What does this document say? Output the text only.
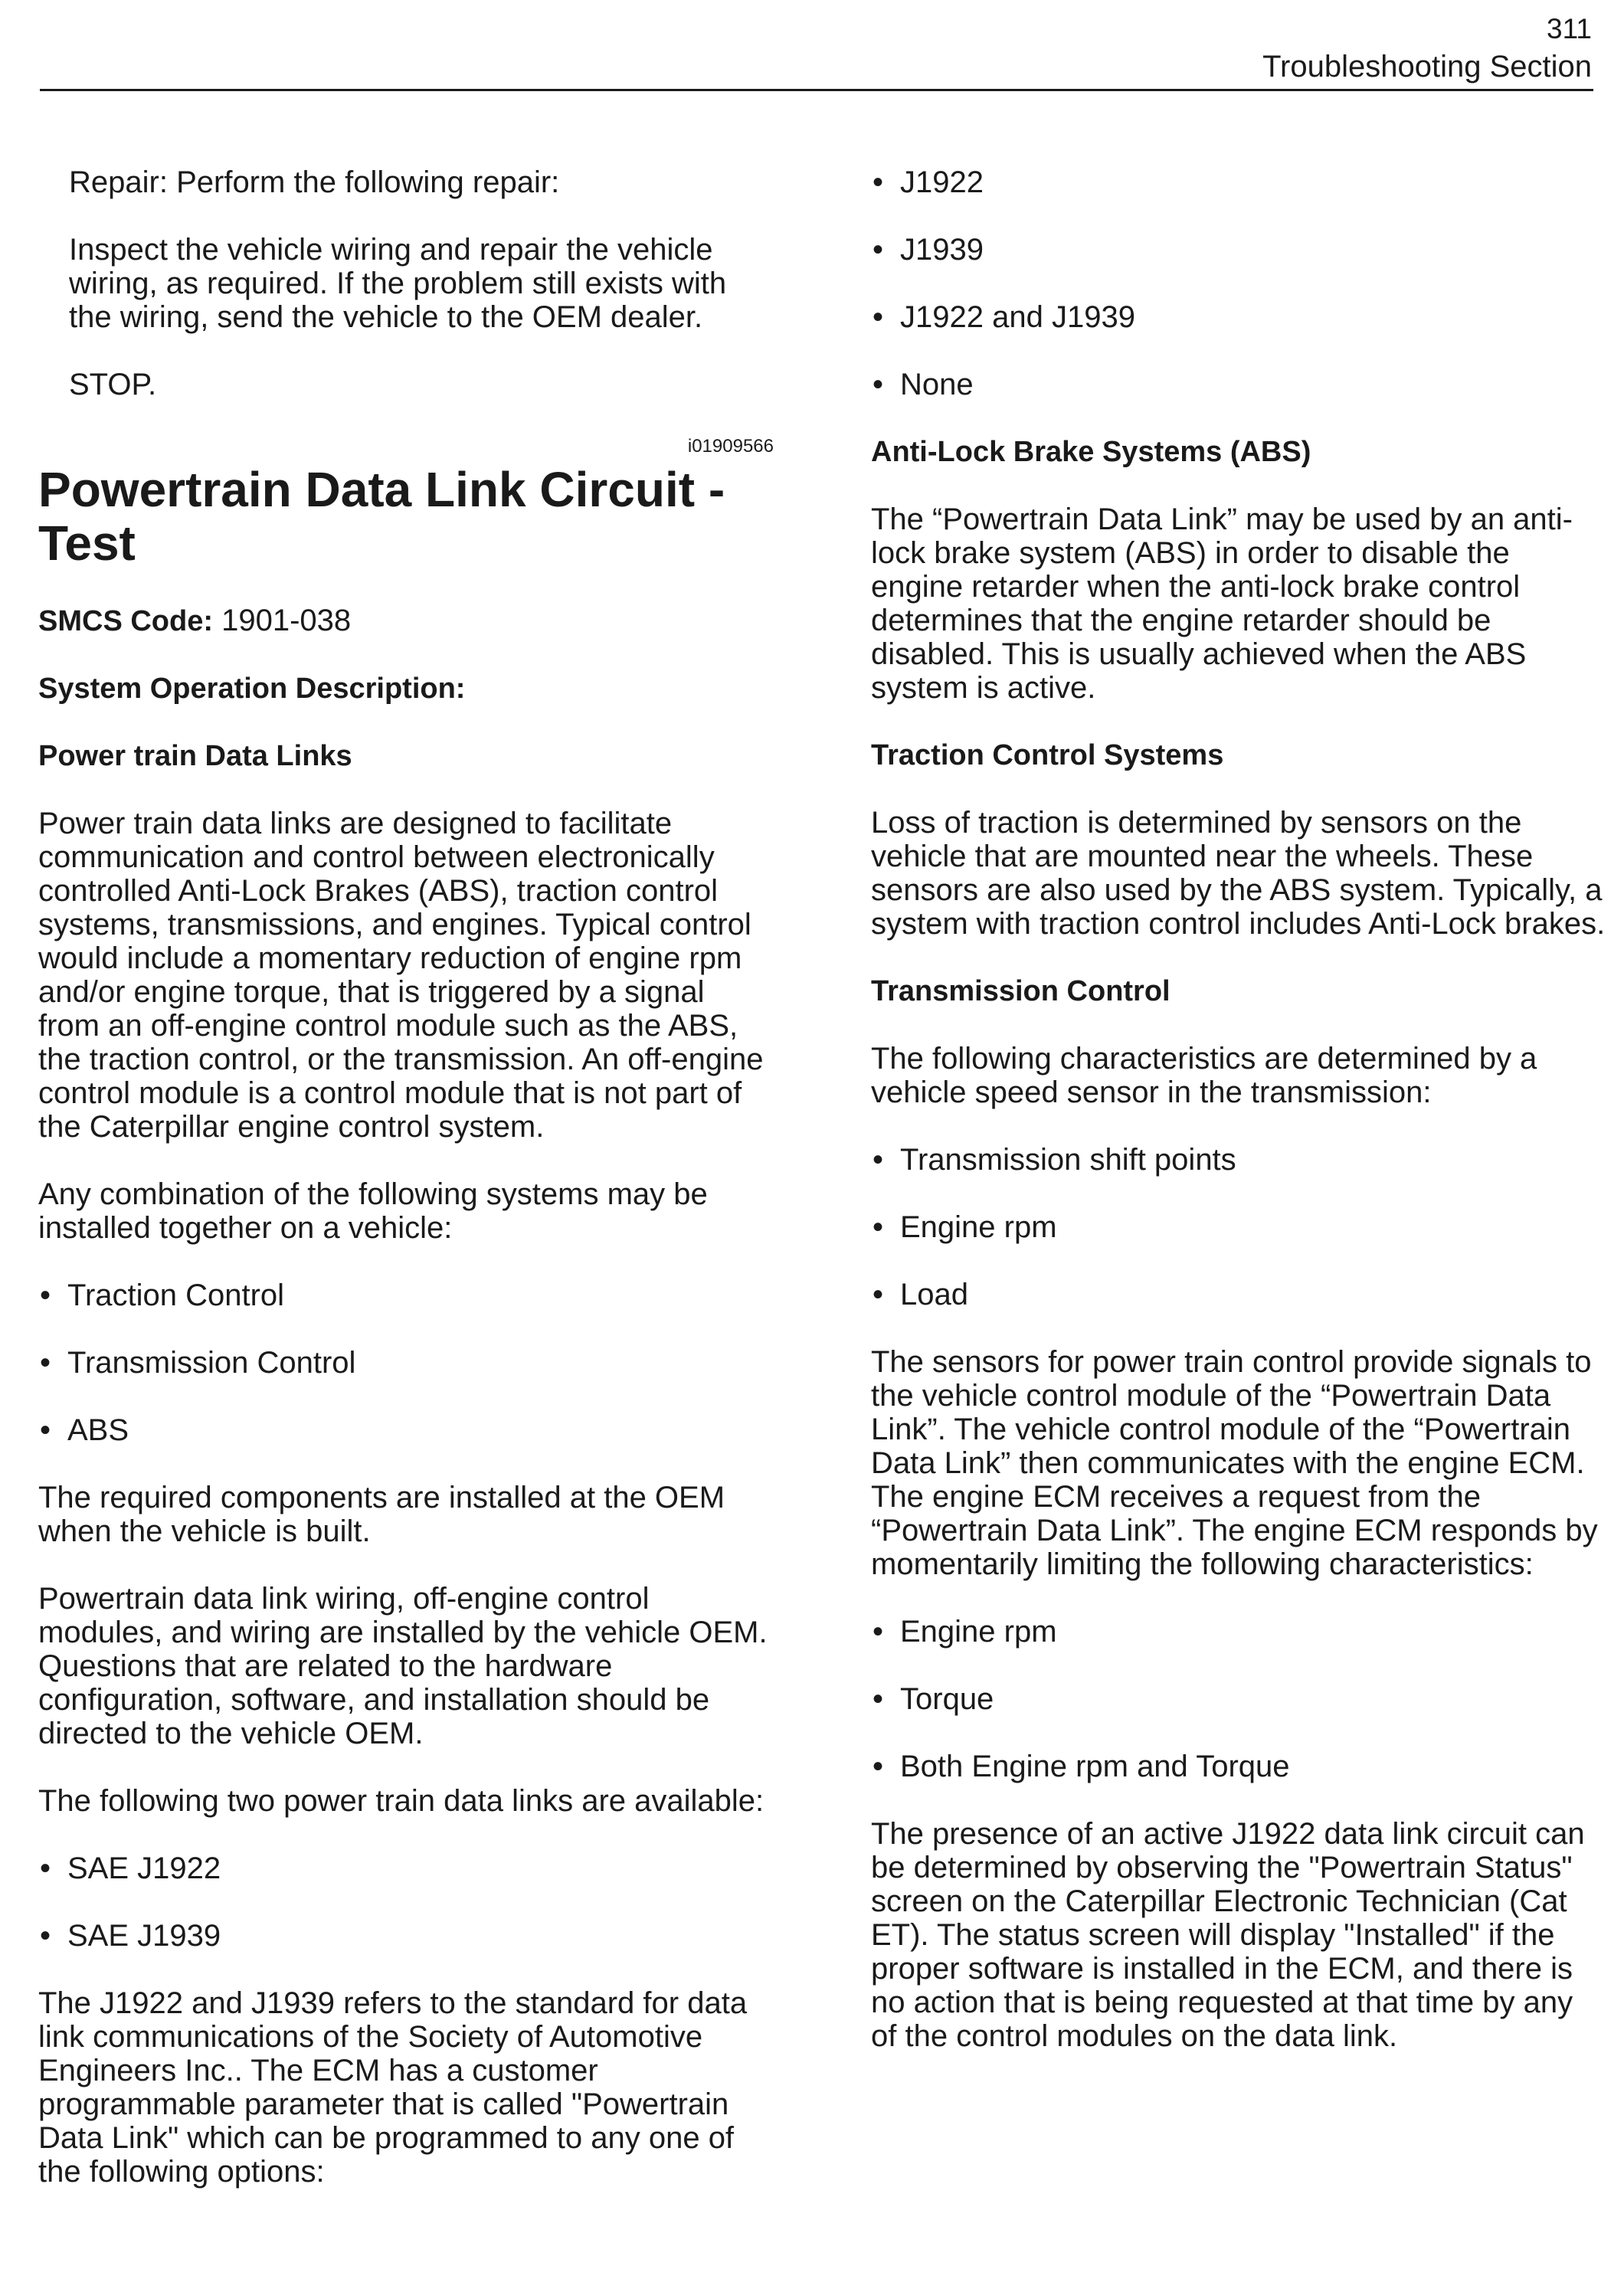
311
Troubleshooting Section

Repair: Perform the following repair:

Inspect the vehicle wiring and repair the vehicle wiring, as required. If the problem still exists with the wiring, send the vehicle to the OEM dealer.

STOP.

i01909566
Powertrain Data Link Circuit - Test
SMCS Code: 1901-038
System Operation Description:
Power train Data Links

Power train data links are designed to facilitate communication and control between electronically controlled Anti-Lock Brakes (ABS), traction control systems, transmissions, and engines. Typical control would include a momentary reduction of engine rpm and/or engine torque, that is triggered by a signal from an off-engine control module such as the ABS, the traction control, or the transmission. An off-engine control module is a control module that is not part of the Caterpillar engine control system.

Any combination of the following systems may be installed together on a vehicle:

• Traction Control
• Transmission Control
• ABS

The required components are installed at the OEM when the vehicle is built.

Powertrain data link wiring, off-engine control modules, and wiring are installed by the vehicle OEM. Questions that are related to the hardware configuration, software, and installation should be directed to the vehicle OEM.

The following two power train data links are available:

• SAE J1922
• SAE J1939

The J1922 and J1939 refers to the standard for data link communications of the Society of Automotive Engineers Inc.. The ECM has a customer programmable parameter that is called "Powertrain Data Link" which can be programmed to any one of the following options:

• J1922
• J1939
• J1922 and J1939
• None
Anti-Lock Brake Systems (ABS)

The “Powertrain Data Link” may be used by an anti-lock brake system (ABS) in order to disable the engine retarder when the anti-lock brake control determines that the engine retarder should be disabled. This is usually achieved when the ABS system is active.

Traction Control Systems

Loss of traction is determined by sensors on the vehicle that are mounted near the wheels. These sensors are also used by the ABS system. Typically, a system with traction control includes Anti-Lock brakes.

Transmission Control

The following characteristics are determined by a vehicle speed sensor in the transmission:

• Transmission shift points
• Engine rpm
• Load

The sensors for power train control provide signals to the vehicle control module of the “Powertrain Data Link”. The vehicle control module of the “Powertrain Data Link” then communicates with the engine ECM. The engine ECM receives a request from the “Powertrain Data Link”. The engine ECM responds by momentarily limiting the following characteristics:

• Engine rpm
• Torque
• Both Engine rpm and Torque

The presence of an active J1922 data link circuit can be determined by observing the "Powertrain Status" screen on the Caterpillar Electronic Technician (Cat ET). The status screen will display "Installed" if the proper software is installed in the ECM, and there is no action that is being requested at that time by any of the control modules on the data link.
